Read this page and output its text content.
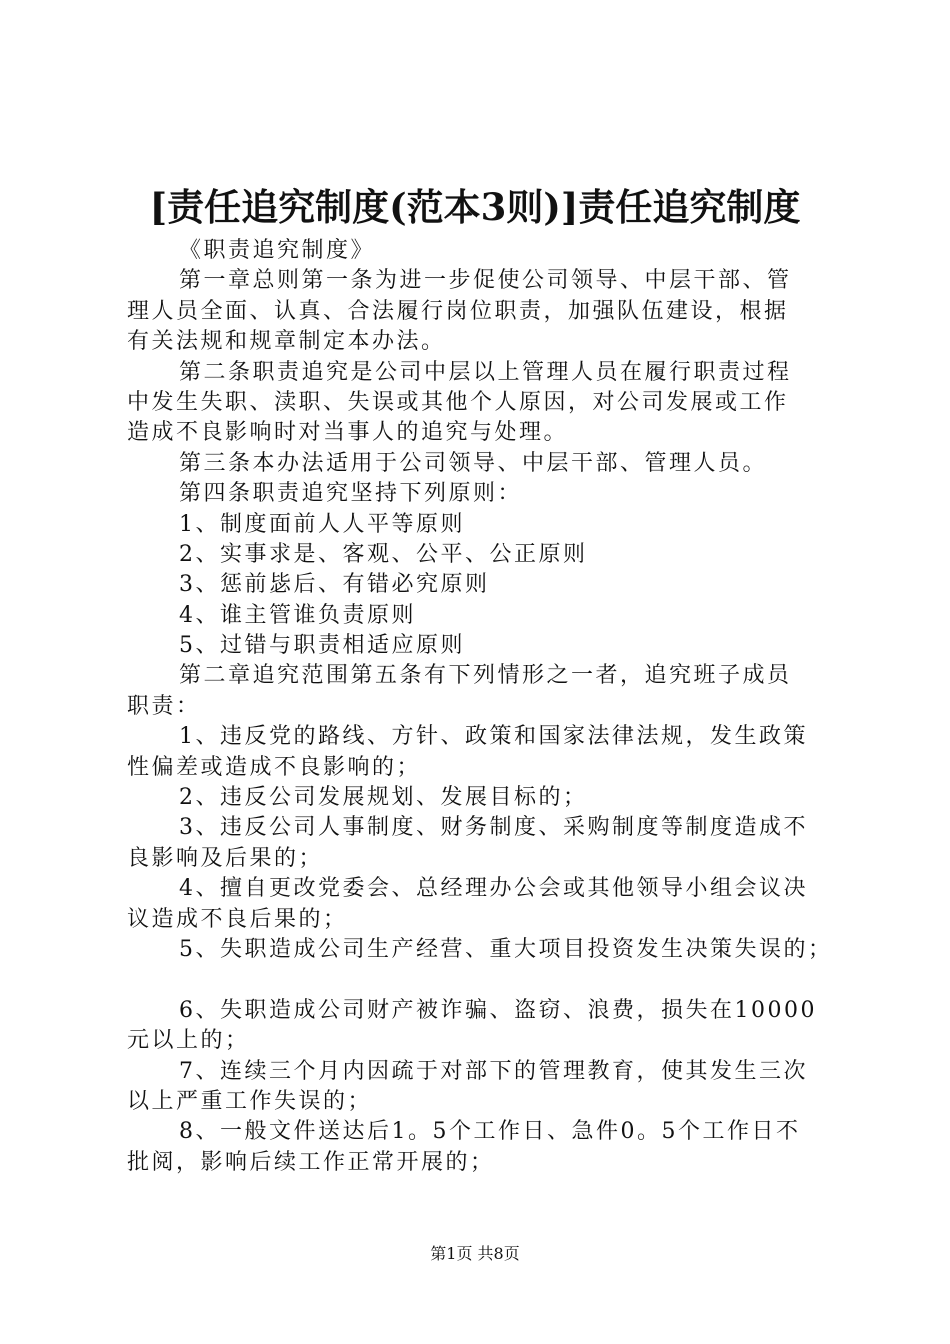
[责任追究制度(范本3则)]责任追究制度
《职责追究制度》
第一章总则第一条为进一步促使公司领导、中层干部、管
理人员全面、认真、合法履行岗位职责，加强队伍建设，根据
有关法规和规章制定本办法。
第二条职责追究是公司中层以上管理人员在履行职责过程
中发生失职、渎职、失误或其他个人原因，对公司发展或工作
造成不良影响时对当事人的追究与处理。
第三条本办法适用于公司领导、中层干部、管理人员。
第四条职责追究坚持下列原则：
1、制度面前人人平等原则
2、实事求是、客观、公平、公正原则
3、惩前毖后、有错必究原则
4、谁主管谁负责原则
5、过错与职责相适应原则
第二章追究范围第五条有下列情形之一者，追究班子成员
职责：
1、违反党的路线、方针、政策和国家法律法规，发生政策
性偏差或造成不良影响的；
2、违反公司发展规划、发展目标的；
3、违反公司人事制度、财务制度、采购制度等制度造成不
良影响及后果的；
4、擅自更改党委会、总经理办公会或其他领导小组会议决
议造成不良后果的；
5、失职造成公司生产经营、重大项目投资发生决策失误的；
6、失职造成公司财产被诈骗、盗窃、浪费，损失在10000
元以上的；
7、连续三个月内因疏于对部下的管理教育，使其发生三次
以上严重工作失误的；
8、一般文件送达后1。5个工作日、急件0。5个工作日不
批阅，影响后续工作正常开展的；
第1页 共8页
